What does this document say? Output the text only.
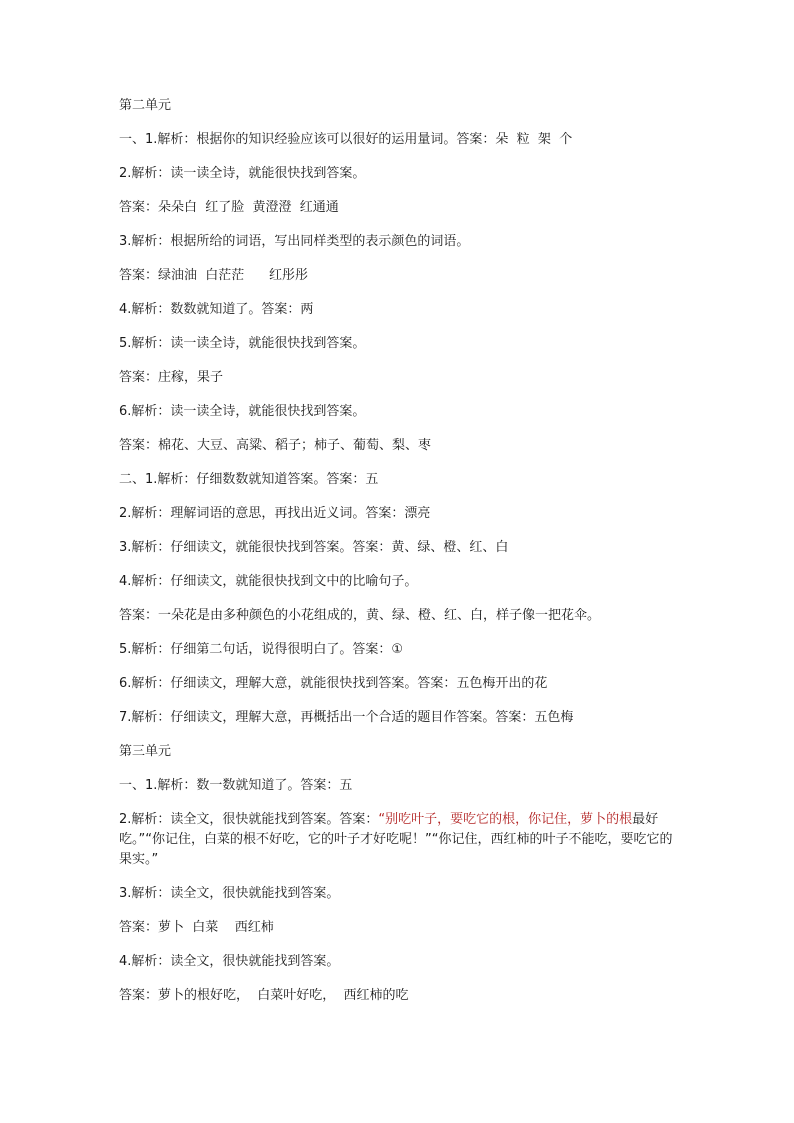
第二单元
一、1.解析：根据你的知识经验应该可以很好的运用量词。答案：朵  粒  架  个
2.解析：读一读全诗，就能很快找到答案。
答案：朵朵白  红了脸  黄澄澄  红通通
3.解析：根据所给的词语，写出同样类型的表示颜色的词语。
答案：绿油油  白茫茫      红彤彤
4.解析：数数就知道了。答案：两
5.解析：读一读全诗，就能很快找到答案。
答案：庄稼，果子
6.解析：读一读全诗，就能很快找到答案。
答案：棉花、大豆、高粱、稻子；柿子、葡萄、梨、枣
二、1.解析：仔细数数就知道答案。答案：五
2.解析：理解词语的意思，再找出近义词。答案：漂亮
3.解析：仔细读文，就能很快找到答案。答案：黄、绿、橙、红、白
4.解析：仔细读文，就能很快找到文中的比喻句子。
答案：一朵花是由多种颜色的小花组成的，黄、绿、橙、红、白，样子像一把花伞。
5.解析：仔细第二句话，说得很明白了。答案：①
6.解析：仔细读文，理解大意，就能很快找到答案。答案：五色梅开出的花
7.解析：仔细读文，理解大意，再概括出一个合适的题目作答案。答案：五色梅
第三单元
一、1.解析：数一数就知道了。答案：五
2.解析：读全文，很快就能找到答案。答案：“别吃叶子，要吃它的根，你记住，萝卜的根最好吃。”“你记住，白菜的根不好吃，它的叶子才好吃呢！”“你记住，西红柿的叶子不能吃，要吃它的果实。”
3.解析：读全文，很快就能找到答案。
答案：萝卜  白菜    西红柿
4.解析：读全文，很快就能找到答案。
答案：萝卜的根好吃，  白菜叶好吃，  西红柿的吃
